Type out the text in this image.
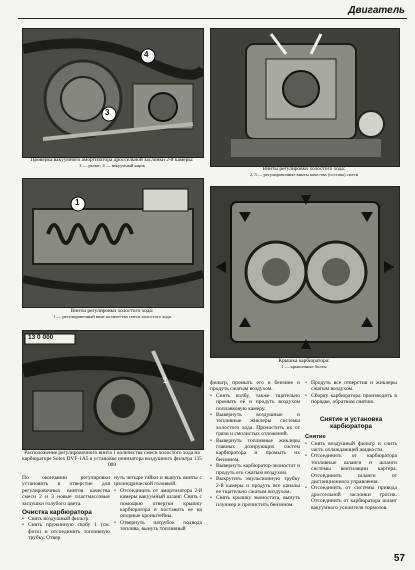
Двигатель
4
3
Проверка вакуумного амортизатора дроссельной заслонки 2-й камеры:
3 — рычаг; 4 — вакуумный ящик
Винты регулировки холостого хода:
2, 3 — регулировочные винты качества (состава) смеси
1
Винты регулировки холостого хода:
1 — регулировочный винт количества смеси холостого хода
Крышка карбюратора:
1 — крышечные болты
13 0 000
1
Расположение регулировочного винта 1 количества смеси холостого хода на карбюраторе Solex DVF-1A5 в установке ионизатора воздушного фильтра 135 000

По окончании регулировки установить в отверстие для регулировочных винтов качества смеси 2 и 3 новые пластмассовые заглушки голубого цвета.

Очистка карбюратора
• Снять воздушный фильтр.
• Снять пружинную скобу 1 (см. фото) и отсоединить топливную трубку. Отвер

нуть четыре гайки и вынуть винты с цилиндрической головкой.

• Отсоединить от амортизатора 2-й камеры вакуумный шланг. Снять с помощью отвертки крышку карбюратора и поставить ее на опорные кронштейны.
• Отвернуть патрубок подвода топлива, вынуть топливный

фильтр, промыть его в бензине и продуть сжатым воздухом.

• Снять колбу, также тщательно промыть её и продуть воздухом поплавковую камеру.
• Вывернуть воздушные и топливные жиклеры системы холостого хода. Прочистить их от грязи и смолистых отложений.
• Вывернуть топливные жиклеры главных дозирующих систем карбюратора и промыть их бензином.
• Вывернуть карбюратор-эконостат и продуть его сжатым воздухом.
• Выкрутить эмульсионную трубку 2-й камеры и продуть все каналы ее тщательно сжатым воздухом.
• Снять крышку эконостата, вынуть плунжер и прочистить бензином.
• Продуть все отверстия и жиклеры сжатым воздухом.
• Сборку карбюратора производить в порядке, обратном снятию.
Снятие и установка карбюратора
Снятие
• Снять воздушный фильтр и слить часть охлаждающей жидкости.
• Отсоединить от карбюратора топливные шланги и шланги системы вентиляции картера. Отсоединить шланги от дистанционного управления.
• Отсоединить от системы привода дроссельной заслонки тросик. Отсоединить от карбюратора шланг вакуумного усилителя тормозов.
57
